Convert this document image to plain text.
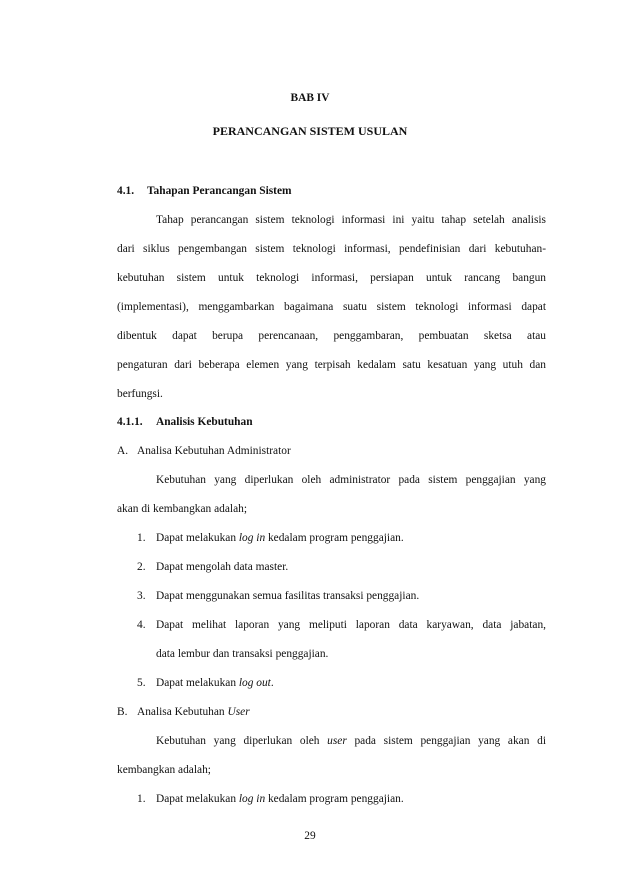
BAB IV
PERANCANGAN SISTEM USULAN
4.1. Tahapan Perancangan Sistem
Tahap perancangan sistem teknologi informasi ini yaitu tahap setelah analisis
dari siklus pengembangan sistem teknologi informasi, pendefinisian dari kebutuhan-
kebutuhan sistem untuk teknologi informasi, persiapan untuk rancang bangun
(implementasi), menggambarkan bagaimana suatu sistem teknologi informasi dapat
dibentuk dapat berupa perencanaan, penggambaran, pembuatan sketsa atau
pengaturan dari beberapa elemen yang terpisah kedalam satu kesatuan yang utuh dan
berfungsi.
4.1.1. Analisis Kebutuhan
A. Analisa Kebutuhan Administrator
Kebutuhan yang diperlukan oleh administrator pada sistem penggajian yang
akan di kembangkan adalah;
1. Dapat melakukan log in kedalam program penggajian.
2. Dapat mengolah data master.
3. Dapat menggunakan semua fasilitas transaksi penggajian.
4. Dapat melihat laporan yang meliputi laporan data karyawan, data jabatan,
data lembur dan transaksi penggajian.
5. Dapat melakukan log out.
B. Analisa Kebutuhan User
Kebutuhan yang diperlukan oleh user pada sistem penggajian yang akan di
kembangkan adalah;
1. Dapat melakukan log in kedalam program penggajian.
29
